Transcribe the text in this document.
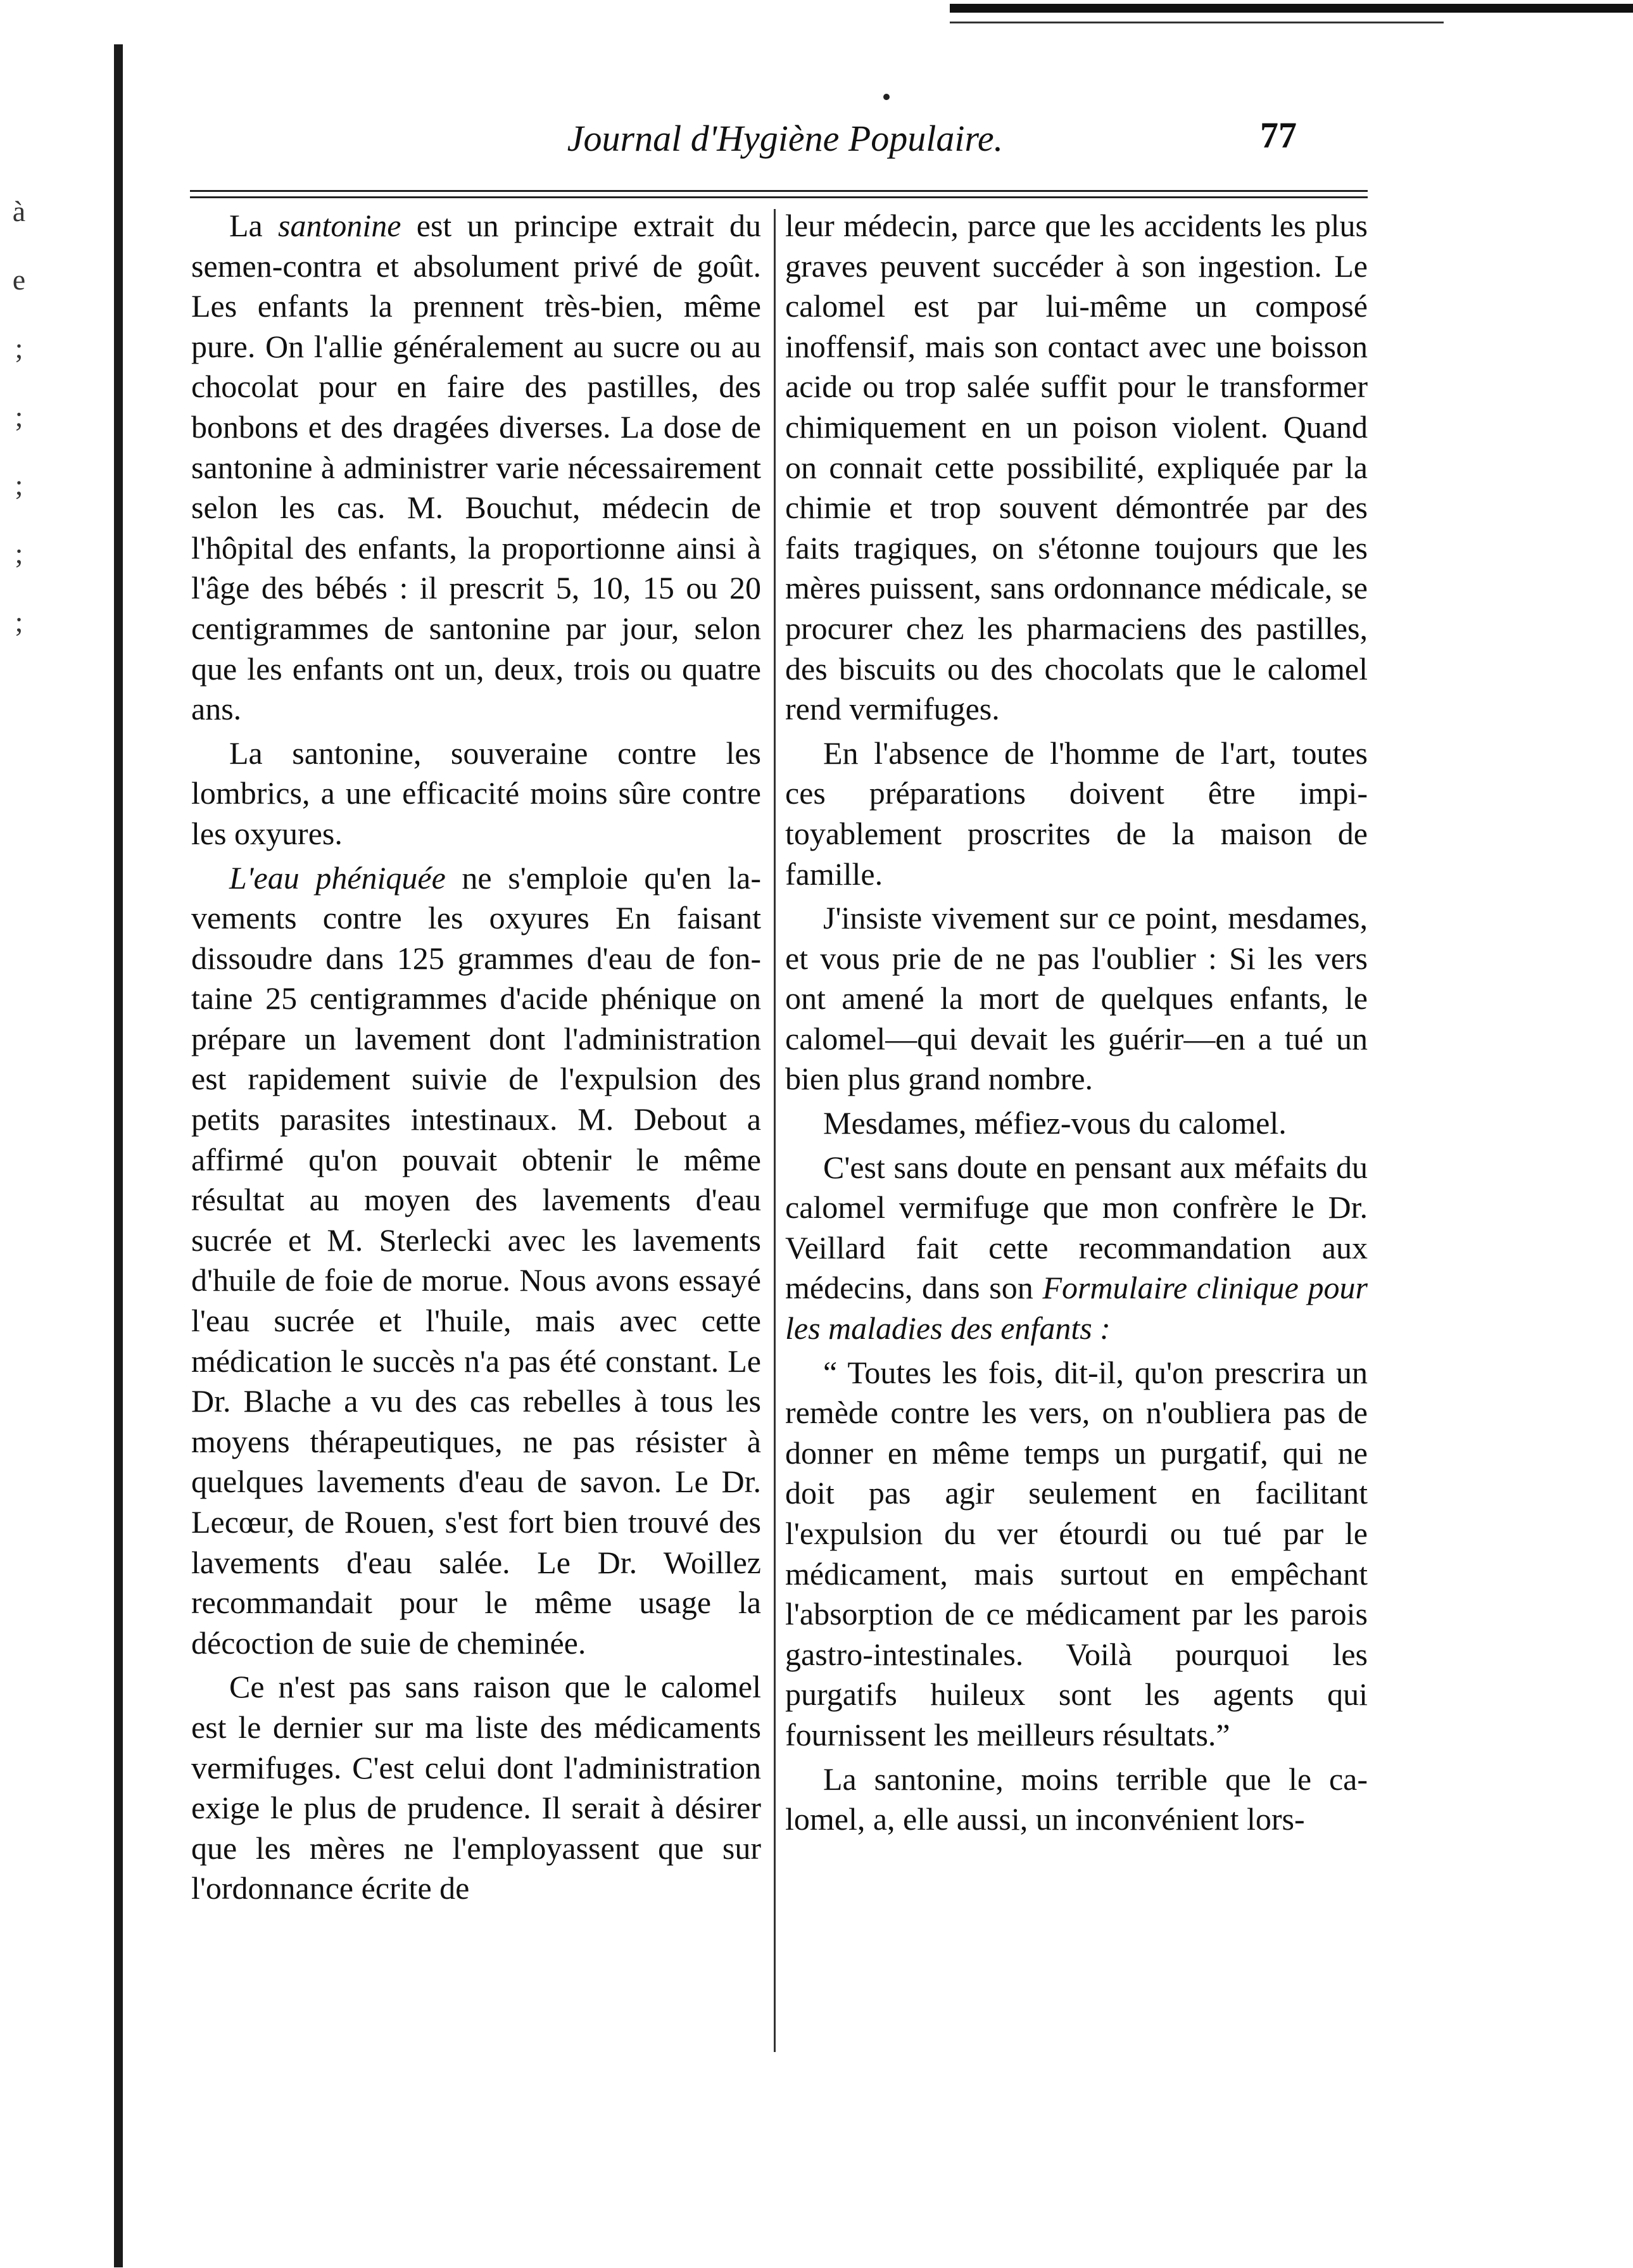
à
e
;
;
;
;
;
Journal d'Hygiène Populaire.	77

La santonine est un principe extrait du semen-contra et absolument privé de goût. Les enfants la prennent très-bien, même pure. On l'allie généralement au sucre ou au chocolat pour en faire des pastilles, des bonbons et des dragées diverses. La dose de santonine à administrer varie nécessairement selon les cas. M. Bouchut, médecin de l'hôpital des enfants, la proportionne ainsi à l'âge des bébés : il prescrit 5, 10, 15 ou 20 centigrammes de santonine par jour, selon que les enfants ont un, deux, trois ou quatre ans.

La santonine, souveraine contre les lombrics, a une efficacité moins sûre contre les oxyures.

L'eau phéniquée ne s'emploie qu'en lavements contre les oxyures En faisant dissoudre dans 125 grammes d'eau de fontaine 25 centigrammes d'acide phénique on prépare un lavement dont l'administration est rapidement suivie de l'expulsion des petits parasites intestinaux. M. Debout a affirmé qu'on pouvait obtenir le même résultat au moyen des lavements d'eau sucrée et M. Sterlecki avec les lavements d'huile de foie de morue. Nous avons essayé l'eau sucrée et l'huile, mais avec cette médication le succès n'a pas été constant. Le Dr. Blache a vu des cas rebelles à tous les moyens thérapeutiques, ne pas résister à quelques lavements d'eau de savon. Le Dr. Lecœur, de Rouen, s'est fort bien trouvé des lavements d'eau salée. Le Dr. Woillez recommandait pour le même usage la décoction de suie de cheminée.

Ce n'est pas sans raison que le calomel est le dernier sur ma liste des médicaments vermifuges. C'est celui dont l'administration exige le plus de prudence. Il serait à désirer que les mères ne l'employassent que sur l'ordonnance écrite de

leur médecin, parce que les accidents les plus graves peuvent succéder à son ingestion. Le calomel est par lui-même un composé inoffensif, mais son contact avec une boisson acide ou trop salée suffit pour le transformer chimiquement en un poison violent. Quand on connait cette possibilité, expliquée par la chimie et trop souvent démontrée par des faits tragiques, on s'étonne toujours que les mères puissent, sans ordonnance médicale, se procurer chez les pharmaciens des pastilles, des biscuits ou des chocolats que le calomel rend vermifuges.

En l'absence de l'homme de l'art, toutes ces préparations doivent être impitoyablement proscrites de la maison de famille.

J'insiste vivement sur ce point, mesdames, et vous prie de ne pas l'oublier : Si les vers ont amené la mort de quelques enfants, le calomel—qui devait les guérir—en a tué un bien plus grand nombre.

Mesdames, méfiez-vous du calomel.

C'est sans doute en pensant aux méfaits du calomel vermifuge que mon confrère le Dr. Veillard fait cette recommandation aux médecins, dans son Formulaire clinique pour les maladies des enfants :

“ Toutes les fois, dit-il, qu'on prescrira un remède contre les vers, on n'oubliera pas de donner en même temps un purgatif, qui ne doit pas agir seulement en facilitant l'expulsion du ver étourdi ou tué par le médicament, mais surtout en empêchant l'absorption de ce médicament par les parois gastro-intestinales. Voilà pourquoi les purgatifs huileux sont les agents qui fournissent les meilleurs résultats.”

La santonine, moins terrible que le calomel, a, elle aussi, un inconvénient lors-
